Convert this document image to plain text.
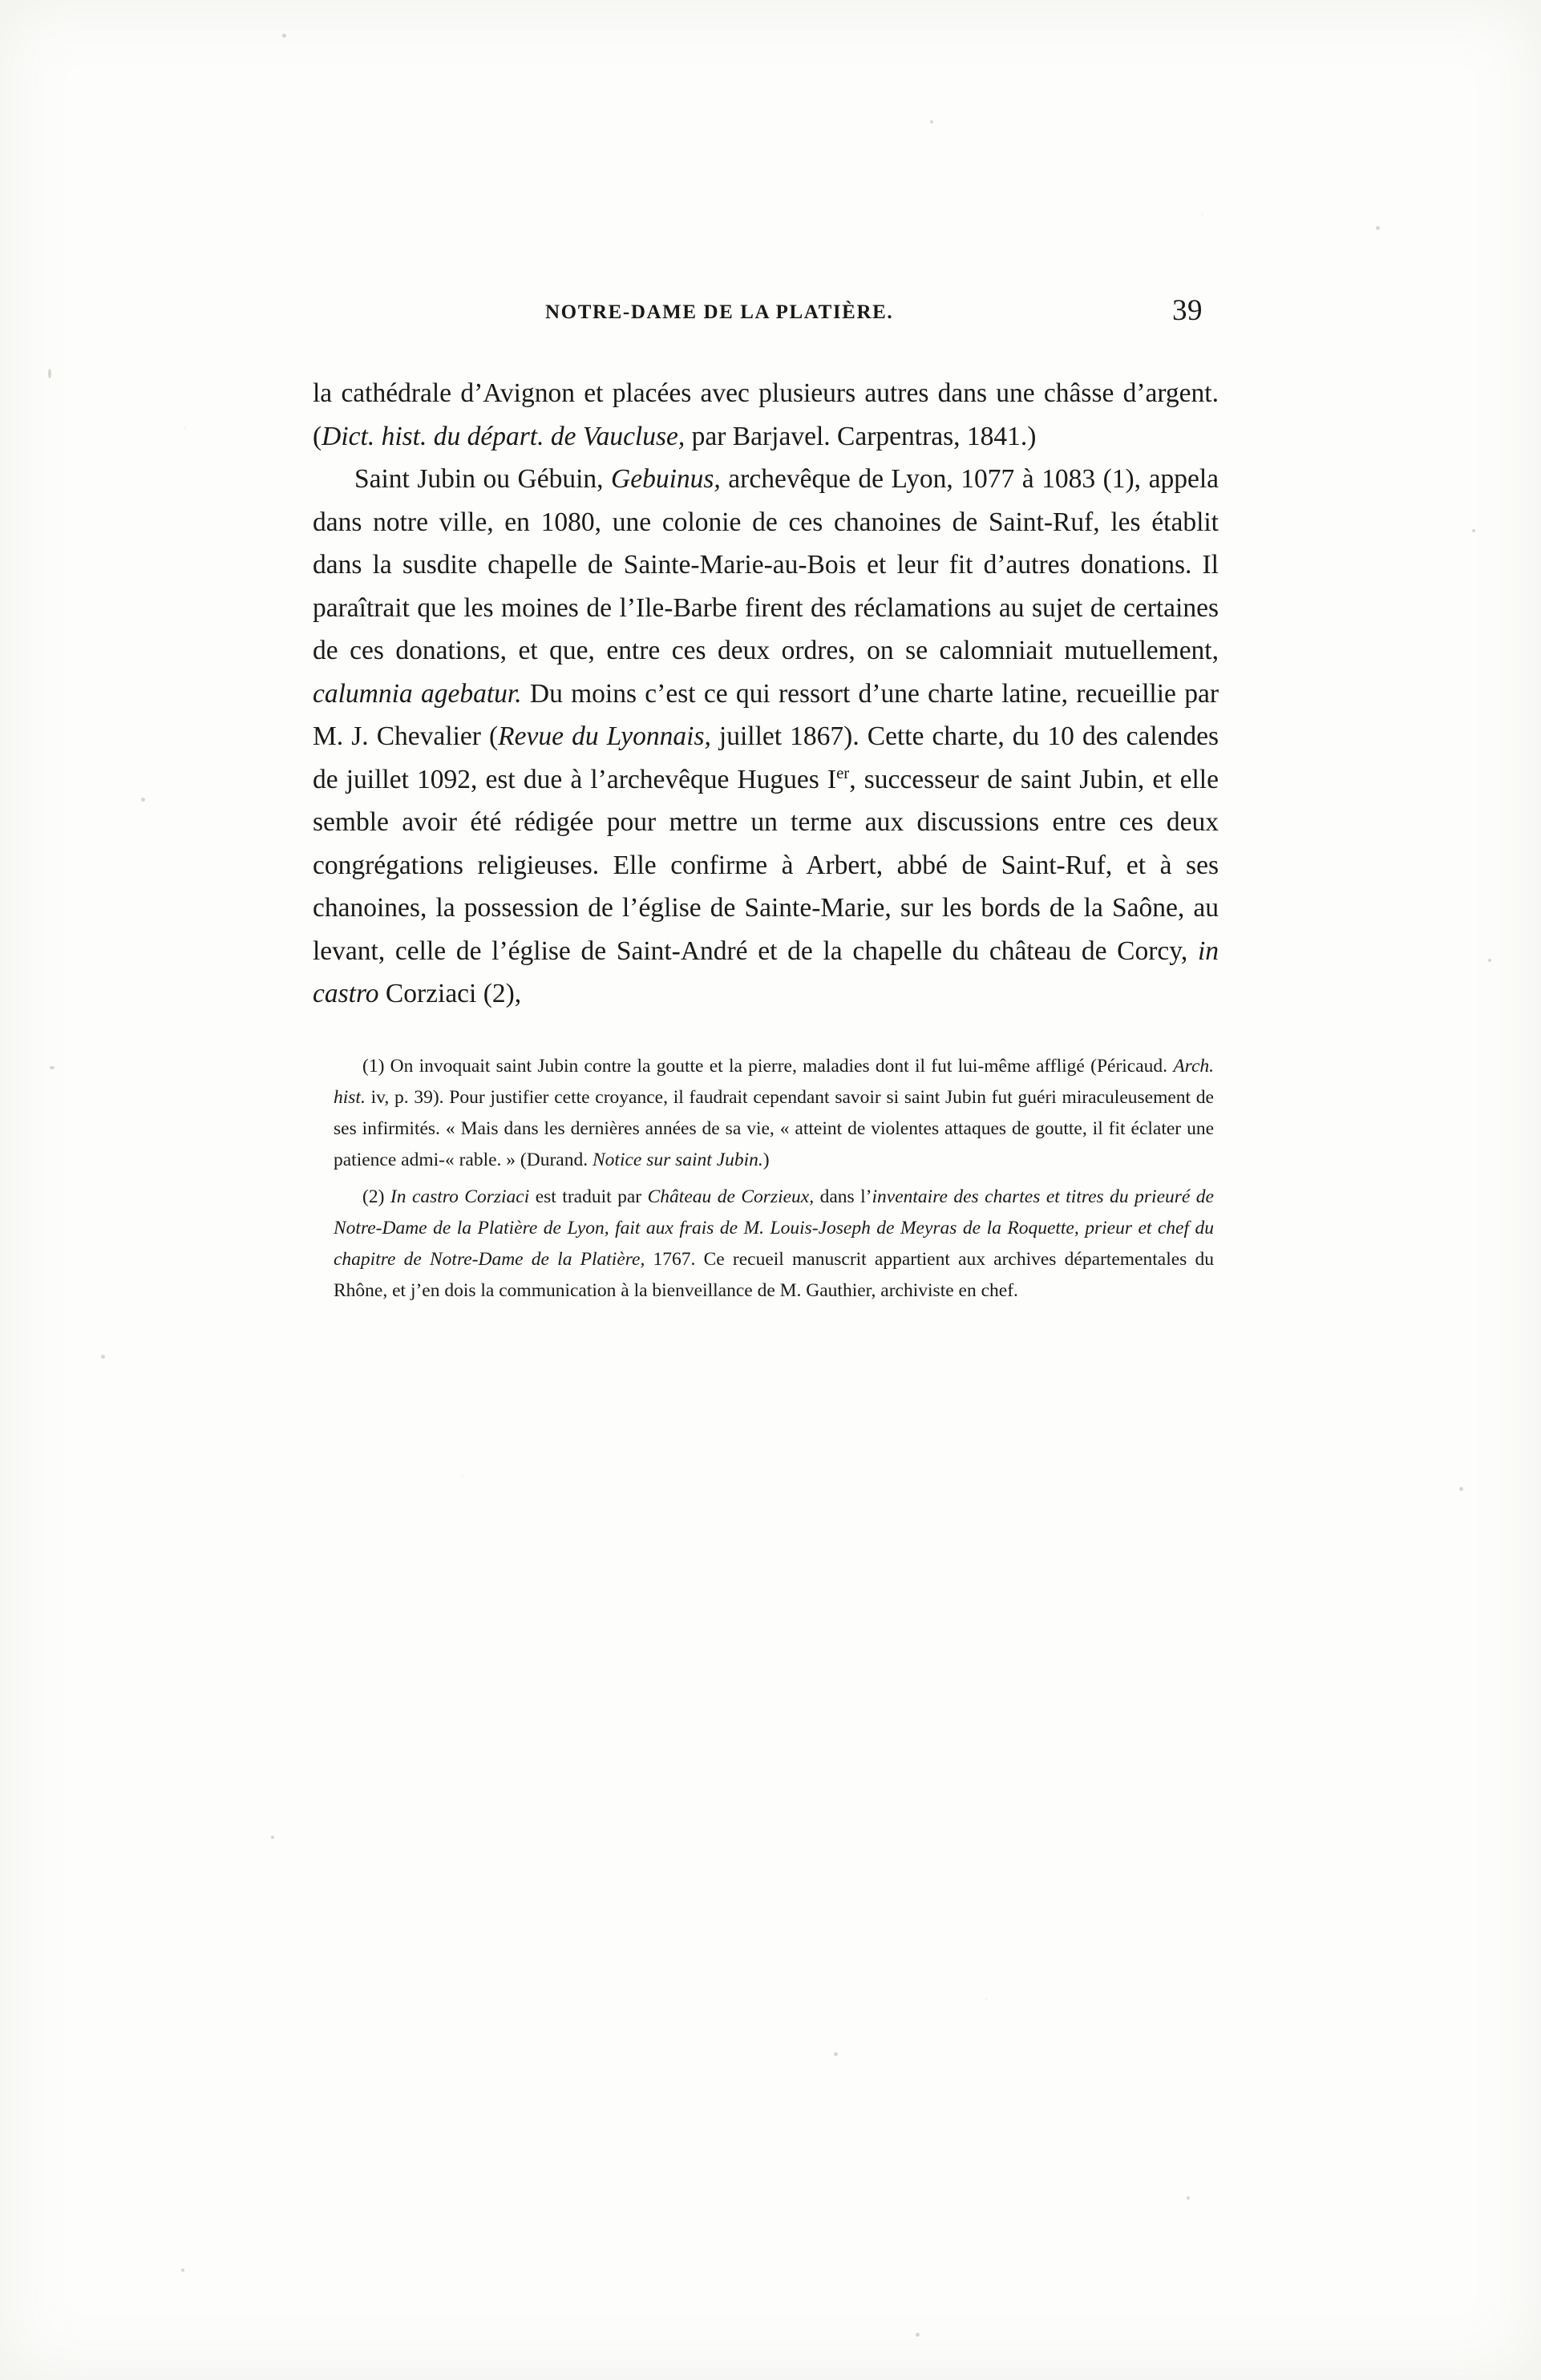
NOTRE-DAME DE LA PLATIÈRE.	39

la cathédrale d’Avignon et placées avec plusieurs autres dans une châsse d’argent. (Dict. hist. du départ. de Vaucluse, par Barjavel. Carpentras, 1841.)

Saint Jubin ou Gébuin, Gebuinus, archevêque de Lyon, 1077 à 1083 (1), appela dans notre ville, en 1080, une colonie de ces chanoines de Saint-Ruf, les établit dans la susdite chapelle de Sainte-Marie-au-Bois et leur fit d’autres donations. Il paraîtrait que les moines de l’Ile-Barbe firent des réclamations au sujet de certaines de ces donations, et que, entre ces deux ordres, on se calomniait mutuellement, calumnia agebatur. Du moins c’est ce qui ressort d’une charte latine, recueillie par M. J. Chevalier (Revue du Lyonnais, juillet 1867). Cette charte, du 10 des calendes de juillet 1092, est due à l’archevêque Hugues Ier, successeur de saint Jubin, et elle semble avoir été rédigée pour mettre un terme aux discussions entre ces deux congrégations religieuses. Elle confirme à Arbert, abbé de Saint-Ruf, et à ses chanoines, la possession de l’église de Sainte-Marie, sur les bords de la Saône, au levant, celle de l’église de Saint-André et de la chapelle du château de Corcy, in castro Corziaci (2),

(1) On invoquait saint Jubin contre la goutte et la pierre, maladies dont il fut lui-même affligé (Péricaud. Arch. hist. iv, p. 39). Pour justifier cette croyance, il faudrait cependant savoir si saint Jubin fut guéri miraculeusement de ses infirmités. « Mais dans les dernières années de sa vie, « atteint de violentes attaques de goutte, il fit éclater une patience admi-« rable. » (Durand. Notice sur saint Jubin.)

(2) In castro Corziaci est traduit par Château de Corzieux, dans l’inventaire des chartes et titres du prieuré de Notre-Dame de la Platière de Lyon, fait aux frais de M. Louis-Joseph de Meyras de la Roquette, prieur et chef du chapitre de Notre-Dame de la Platière, 1767. Ce recueil manuscrit appartient aux archives départementales du Rhône, et j’en dois la communication à la bienveillance de M. Gauthier, archiviste en chef.
